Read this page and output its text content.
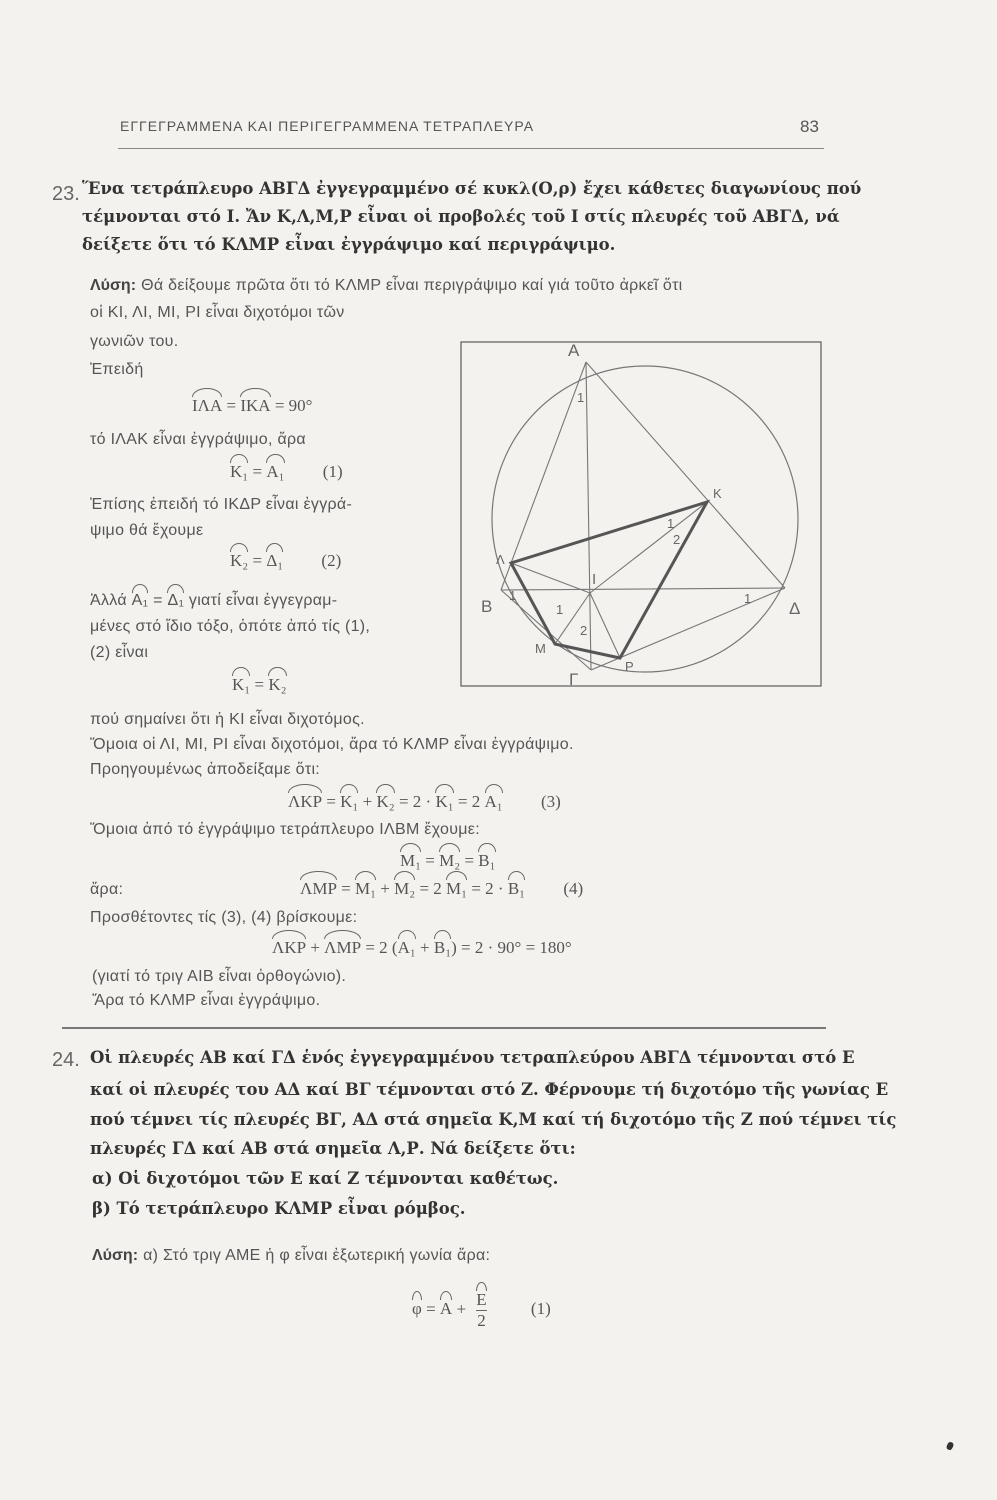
ΕΓΓΕΓΡΑΜΜΕΝΑ ΚΑΙ ΠΕΡΙΓΕΓΡΑΜΜΕΝΑ ΤΕΤΡΑΠΛΕΥΡΑ	83
23. Ἕνα τετράπλευρο ΑΒΓΔ ἐγγεγραμμένο σέ κυκλ(Ο,ρ) ἔχει κάθετες διαγωνίους πού
τέμνονται στό Ι. Ἄν Κ,Λ,Μ,Ρ εἶναι οἱ προβολές τοῦ Ι στίς πλευρές τοῦ ΑΒΓΔ, νά
δείξετε ὅτι τό ΚΛΜΡ εἶναι ἐγγράψιμο καί περιγράψιμο.
Λύση: Θά δείξουμε πρῶτα ὅτι τό ΚΛΜΡ εἶναι περιγράψιμο καί γιά τοῦτο ἀρκεῖ ὅτι
οἱ ΚΙ, ΛΙ, ΜΙ, ΡΙ εἶναι διχοτόμοι τῶν
γωνιῶν του.
Ἐπειδή
ΙΛΑ = ΙΚΑ = 90°
τό ΙΛΑΚ εἶναι ἐγγράψιμο, ἄρα
Κ₁ = Α₁ (1)
Ἐπίσης ἐπειδή τό ΙΚΔΡ εἶναι ἐγγρά-
ψιμο θά ἔχουμε
Κ₂ = Δ₁ (2)
Ἀλλά Α₁ = Δ₁ γιατί εἶναι ἐγγεγραμ-
μένες στό ἴδιο τόξο, ὁπότε ἀπό τίς (1),
(2) εἶναι
Κ₁ = Κ₂
πού σημαίνει ὅτι ἡ ΚΙ εἶναι διχοτόμος.
Ὅμοια οἱ ΛΙ, ΜΙ, ΡΙ εἶναι διχοτόμοι, ἄρα τό ΚΛΜΡ εἶναι ἐγγράψιμο.
Προηγουμένως ἀποδείξαμε ὅτι:
ΛΚΡ = Κ₁ + Κ₂ = 2 · Κ₁ = 2 Α₁ (3)
Ὅμοια ἀπό τό ἐγγράψιμο τετράπλευρο ΙΛΒΜ ἔχουμε:
Μ₁ = Μ₂ = Β₁
ἄρα:	ΛΜΡ = Μ₁ + Μ₂ = 2 Μ₁ = 2 · Β₁ (4)
Προσθέτοντες τίς (3), (4) βρίσκουμε:
ΛΚΡ + ΛΜΡ = 2 (Α₁ + Β₁) = 2 · 90° = 180°
(γιατί τό τριγ ΑΙΒ εἶναι ὀρθογώνιο).
Ἄρα τό ΚΛΜΡ εἶναι ἐγγράψιμο.
Α
Β
Γ
Δ
Κ
Λ
Μ
Ρ
Ι
1
1
2
1
1
1
2
24. Οἱ πλευρές ΑΒ καί ΓΔ ἑνός ἐγγεγραμμένου τετραπλεύρου ΑΒΓΔ τέμνονται στό Ε
καί οἱ πλευρές του ΑΔ καί ΒΓ τέμνονται στό Ζ. Φέρνουμε τή διχοτόμο τῆς γωνίας Ε
πού τέμνει τίς πλευρές ΒΓ, ΑΔ στά σημεῖα Κ,Μ καί τή διχοτόμο τῆς Ζ πού τέμνει τίς
πλευρές ΓΔ καί ΑΒ στά σημεῖα Λ,Ρ. Νά δείξετε ὅτι:
α) Οἱ διχοτόμοι τῶν Ε καί Ζ τέμνονται καθέτως.
β) Τό τετράπλευρο ΚΛΜΡ εἶναι ρόμβος.
Λύση: α) Στό τριγ ΑΜΕ ἡ φ εἶναι ἐξωτερική γωνία ἄρα:
$\varphi = A + \frac{E}{2}$	(1)
